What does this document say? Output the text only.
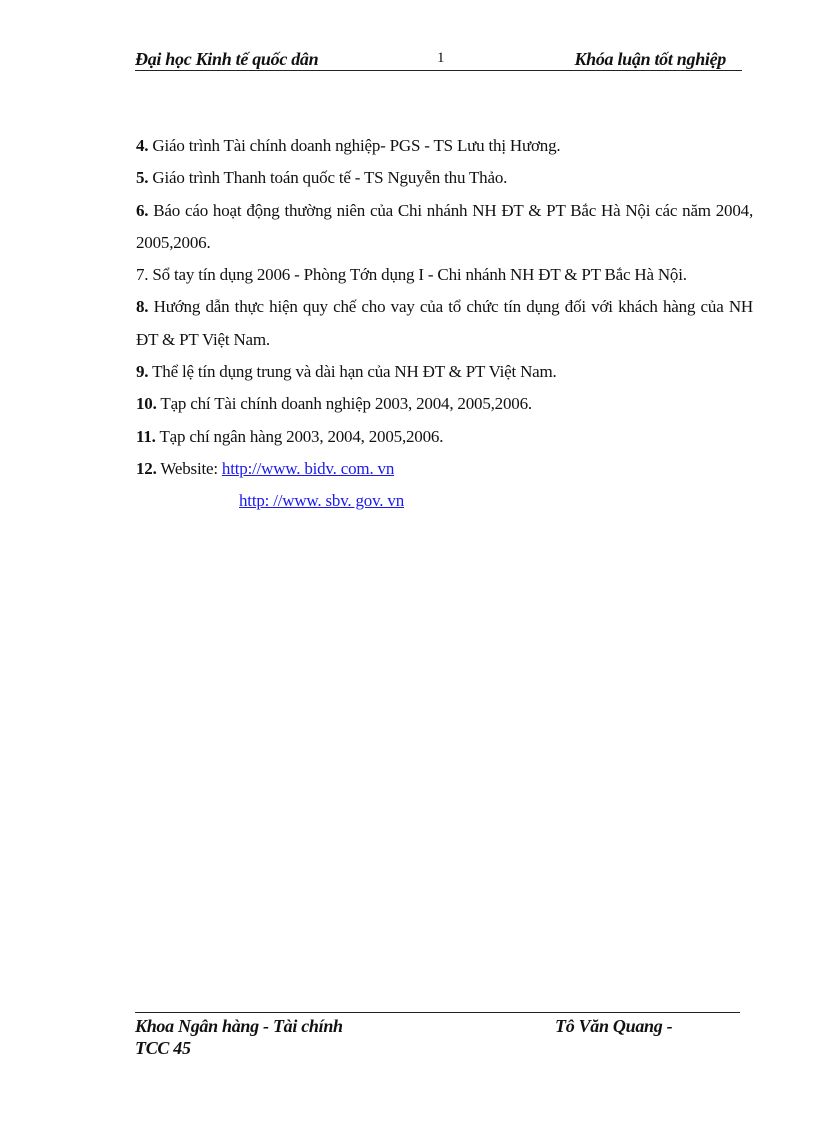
Đại học Kinh tế quốc dân	1	Khóa luận tốt nghiệp

4. Giáo trình Tài chính doanh nghiệp- PGS - TS Lưu thị Hương.

5. Giáo trình Thanh toán quốc tế - TS Nguyễn thu Thảo.

6. Báo cáo hoạt động thường niên của Chi nhánh NH ĐT & PT Bắc Hà Nội các năm 2004, 2005,2006.

7. Sổ tay tín dụng 2006 - Phòng Tớn dụng I - Chi nhánh NH ĐT & PT Bắc Hà Nội.

8. Hướng dẫn thực hiện quy chế cho vay của tổ chức tín dụng đối với khách hàng của NH ĐT & PT Việt Nam.

9. Thể lệ tín dụng trung và dài hạn của NH ĐT & PT Việt Nam.

10. Tạp chí Tài chính doanh nghiệp 2003, 2004, 2005,2006.

11. Tạp chí ngân hàng 2003, 2004, 2005,2006.

12. Website: http://www. bidv. com. vn

http: //www. sbv. gov. vn

Khoa Ngân hàng - Tài chính	Tô Văn Quang -
TCC 45
